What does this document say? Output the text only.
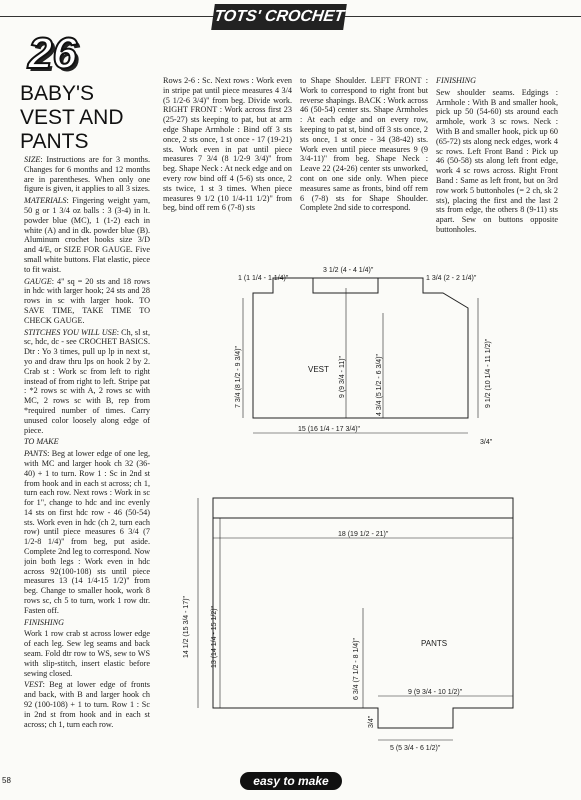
TOTS' CROCHET
26
BABY'S
VEST AND
PANTS

SIZE: Instructions are for 3 months. Changes for 6 months and 12 months are in parentheses. When only one figure is given, it applies to all 3 sizes.

MATERIALS: Fingering weight yarn, 50 g or 1 3/4 oz balls : 3 (3-4) in lt. powder blue (MC), 1 (1-2) each in white (A) and in dk. powder blue (B). Aluminum crochet hooks size 3/D and 4/E, or SIZE FOR GAUGE. Five small white buttons. Flat elastic, piece to fit waist.

GAUGE: 4" sq = 20 sts and 18 rows in hdc with larger hook; 24 sts and 28 rows in sc with larger hook. TO SAVE TIME, TAKE TIME TO CHECK GAUGE.

STITCHES YOU WILL USE: Ch, sl st, sc, hdc, dc - see CROCHET BASICS. Dtr : Yo 3 times, pull up lp in next st, yo and draw thru lps on hook 2 by 2. Crab st : Work sc from left to right instead of from right to left. Stripe pat : *2 rows sc with A, 2 rows sc with MC, 2 rows sc with B, rep from *required number of times. Carry unused color loosely along edge of piece.

TO MAKE

PANTS: Beg at lower edge of one leg, with MC and larger hook ch 32 (36-40) + 1 to turn. Row 1 : Sc in 2nd st from hook and in each st across; ch 1, turn each row. Next rows : Work in sc for 1", change to hdc and inc evenly 14 sts on first hdc row - 46 (50-54) sts. Work even in hdc (ch 2, turn each row) until piece measures 6 3/4 (7 1/2-8 1/4)" from beg, put aside. Complete 2nd leg to correspond. Now join both legs : Work even in hdc across 92(100-108) sts until piece measures 13 (14 1/4-15 1/2)" from beg. Change to smaller hook, work 8 rows sc, ch 5 to turn, work 1 row dtr. Fasten off.

FINISHING

Work 1 row crab st across lower edge of each leg. Sew leg seams and back seam. Fold dtr row to WS, sew to WS with slip-stitch, insert elastic before sewing closed.

VEST: Beg at lower edge of fronts and back, with B and larger hook ch 92 (100-108) + 1 to turn. Row 1 : Sc in 2nd st from hook and in each st across; ch 1, turn each row.

Rows 2-6 : Sc. Next rows : Work even in stripe pat until piece measures 4 3/4 (5 1/2-6 3/4)" from beg. Divide work. RIGHT FRONT : Work across first 23 (25-27) sts keeping to pat, but at arm edge Shape Armhole : Bind off 3 sts once, 2 sts once, 1 st once - 17 (19-21) sts. Work even in pat until piece measures 7 3/4 (8 1/2-9 3/4)" from beg. Shape Neck : At neck edge and on every row bind off 4 (5-6) sts once, 2 sts twice, 1 st 3 times. When piece measures 9 1/2 (10 1/4-11 1/2)" from beg, bind off rem 6 (7-8) sts

to Shape Shoulder. LEFT FRONT : Work to correspond to right front but reverse shapings. BACK : Work across 46 (50-54) center sts. Shape Armholes : At each edge and on every row, keeping to pat st, bind off 3 sts once, 2 sts once, 1 st once - 34 (38-42) sts. Work even until piece measures 9 (9 3/4-11)" from beg. Shape Neck : Leave 22 (24-26) center sts unworked, cont on one side only. When piece measures same as fronts, bind off rem 6 (7-8) sts for Shape Shoulder. Complete 2nd side to correspond.

FINISHING

Sew shoulder seams. Edgings : Armhole : With B and smaller hook, pick up 50 (54-60) sts around each armhole, work 3 sc rows. Neck : With B and smaller hook, pick up 60 (65-72) sts along neck edges, work 4 sc rows. Left Front Band : Pick up 46 (50-58) sts along left front edge, work 4 sc rows across. Right Front Band : Same as left front, but on 3rd row work 5 buttonholes (= 2 ch, sk 2 sts), placing the first and the last 2 sts from edge, the others 8 (9-11) sts apart. Sew on buttons opposite buttonholes.

VEST
1 (1 1/4 - 1 1/4)"
3 1/2 (4 - 4 1/4)"
1 3/4 (2 - 2 1/4)"
7 3/4 (8 1/2 - 9 3/4)"	9 (9 3/4 - 11)"	9 1/2 (10 1/4 - 11 1/2)"
15 (16 1/4 - 17 3/4)"
4 3/4 (5 1/2 - 6 3/4)"
3/4"
18 (19 1/2 - 21)"
14 1/2 (15 3/4 - 17)"	13 (14 1/4 - 15 1/2)"	PANTS
6 3/4 (7 1/2 - 8 1/4)"	9 (9 3/4 - 10 1/2)"
3/4"
5 (5 3/4 - 6 1/2)"
58	easy to make
